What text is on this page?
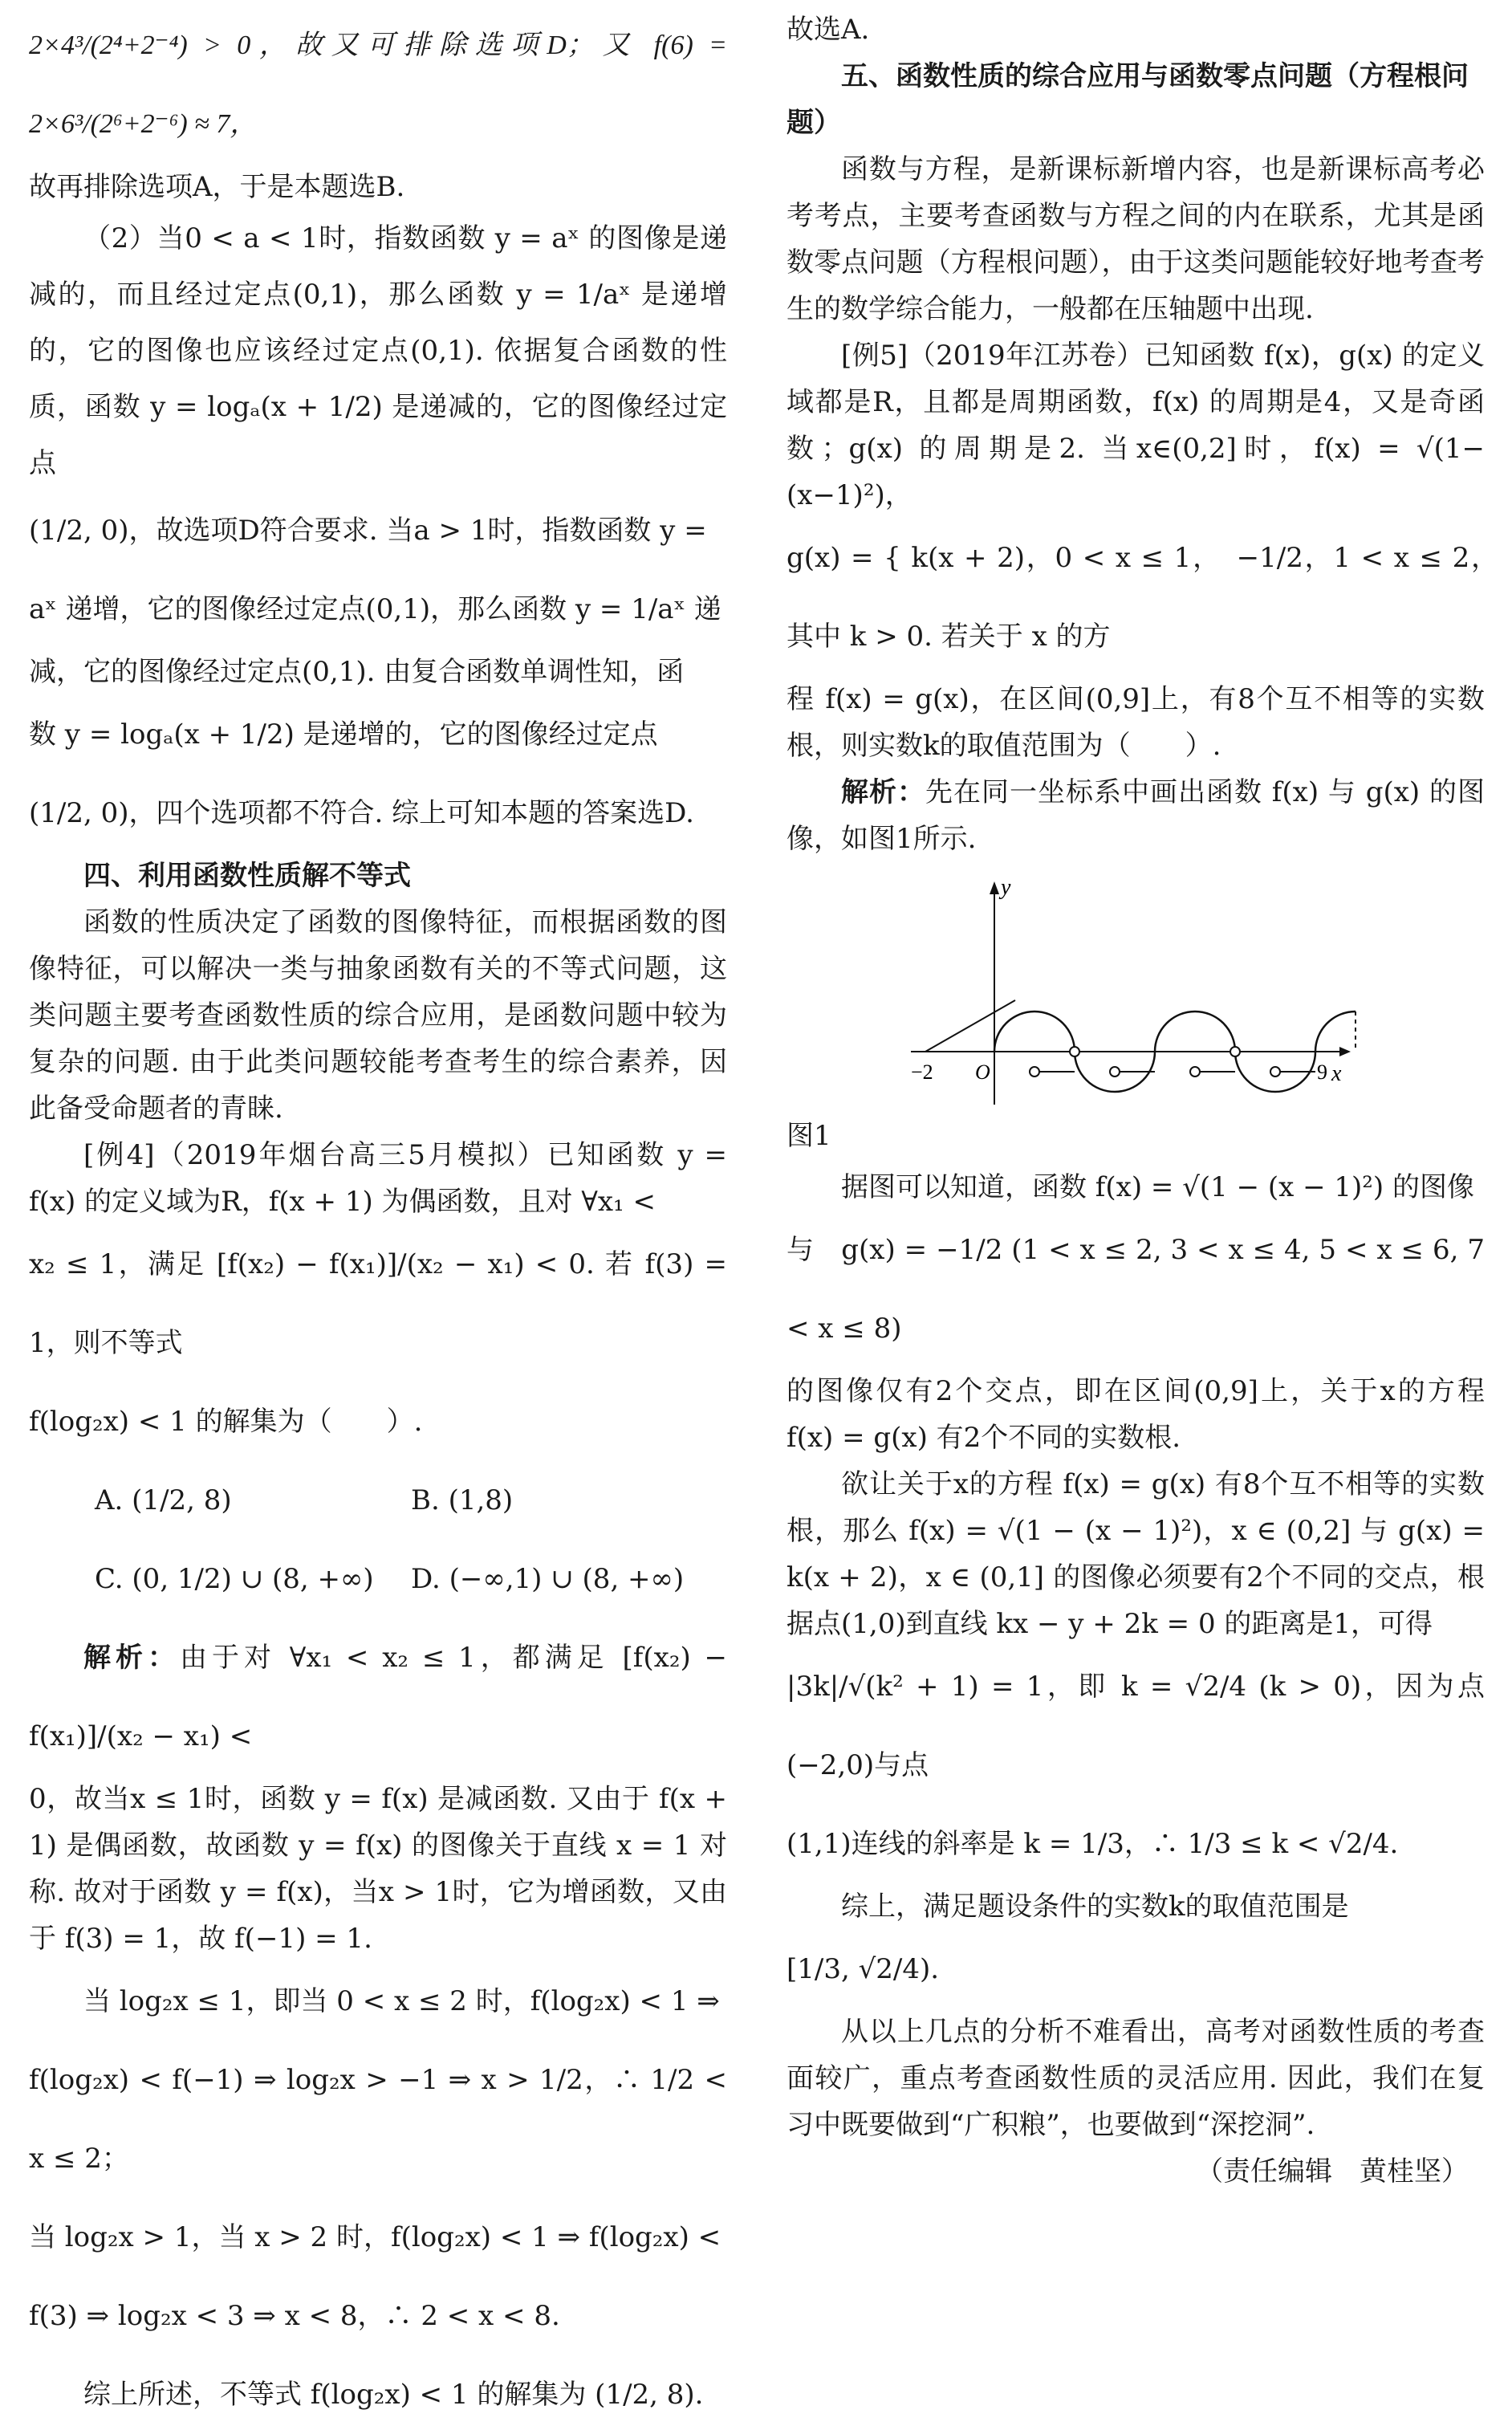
2×4³/(2⁴+2⁻⁴) > 0，故又可排除选项D；又 f(6) = 2×6³/(2⁶+2⁻⁶) ≈ 7，

故再排除选项A，于是本题选B.

（2）当0 < a < 1时，指数函数 y = aˣ 的图像是递减的，而且经过定点(0,1)，那么函数 y = 1/aˣ 是递增的，它的图像也应该经过定点(0,1). 依据复合函数的性质，函数 y = logₐ(x + 1/2) 是递减的，它的图像经过定点

(1/2, 0)，故选项D符合要求. 当a > 1时，指数函数 y =

aˣ 递增，它的图像经过定点(0,1)，那么函数 y = 1/aˣ 递

减，它的图像经过定点(0,1). 由复合函数单调性知，函

数 y = logₐ(x + 1/2) 是递增的，它的图像经过定点

(1/2, 0)，四个选项都不符合. 综上可知本题的答案选D.

四、利用函数性质解不等式

函数的性质决定了函数的图像特征，而根据函数的图像特征，可以解决一类与抽象函数有关的不等式问题，这类问题主要考查函数性质的综合应用，是函数问题中较为复杂的问题. 由于此类问题较能考查考生的综合素养，因此备受命题者的青睐.

[例4]（2019年烟台高三5月模拟）已知函数 y = f(x) 的定义域为R，f(x + 1) 为偶函数，且对 ∀x₁ <

x₂ ≤ 1，满足 [f(x₂) − f(x₁)]/(x₂ − x₁) < 0. 若 f(3) = 1，则不等式

f(log₂x) < 1 的解集为（　　）.

A. (1/2, 8)	B. (1,8)
C. (0, 1/2) ∪ (8, +∞)	D. (−∞,1) ∪ (8, +∞)

解析：由于对 ∀x₁ < x₂ ≤ 1，都满足 [f(x₂) − f(x₁)]/(x₂ − x₁) <

0，故当x ≤ 1时，函数 y = f(x) 是减函数. 又由于 f(x + 1) 是偶函数，故函数 y = f(x) 的图像关于直线 x = 1 对称. 故对于函数 y = f(x)，当x > 1时，它为增函数，又由于 f(3) = 1，故 f(−1) = 1.

当 log₂x ≤ 1，即当 0 < x ≤ 2 时，f(log₂x) < 1 ⇒

f(log₂x) < f(−1) ⇒ log₂x > −1 ⇒ x > 1/2，∴ 1/2 < x ≤ 2；

当 log₂x > 1，当 x > 2 时，f(log₂x) < 1 ⇒ f(log₂x) <

f(3) ⇒ log₂x < 3 ⇒ x < 8，∴ 2 < x < 8.

综上所述，不等式 f(log₂x) < 1 的解集为 (1/2, 8).

故选A.

五、函数性质的综合应用与函数零点问题（方程根问题）

函数与方程，是新课标新增内容，也是新课标高考必考考点，主要考查函数与方程之间的内在联系，尤其是函数零点问题（方程根问题），由于这类问题能较好地考查考生的数学综合能力，一般都在压轴题中出现.

[例5]（2019年江苏卷）已知函数 f(x)，g(x) 的定义域都是R，且都是周期函数，f(x) 的周期是4，又是奇函数；g(x) 的周期是2. 当x∈(0,2]时，f(x) = √(1−(x−1)²)，

g(x) = { k(x + 2)，0 < x ≤ 1，　−1/2，1 < x ≤ 2，　其中 k > 0. 若关于 x 的方

程 f(x) = g(x)，在区间(0,9]上，有8个互不相等的实数根，则实数k的取值范围为（　　）.

解析：先在同一坐标系中画出函数 f(x) 与 g(x) 的图像，如图1所示.

y
x
O
−2	9

图1

据图可以知道，函数 f(x) = √(1 − (x − 1)²) 的图像

与　g(x) = −1/2 (1 < x ≤ 2, 3 < x ≤ 4, 5 < x ≤ 6, 7 < x ≤ 8)

的图像仅有2个交点，即在区间(0,9]上，关于x的方程 f(x) = g(x) 有2个不同的实数根.

欲让关于x的方程 f(x) = g(x) 有8个互不相等的实数根，那么 f(x) = √(1 − (x − 1)²)，x ∈ (0,2] 与 g(x) = k(x + 2)，x ∈ (0,1] 的图像必须要有2个不同的交点，根据点(1,0)到直线 kx − y + 2k = 0 的距离是1，可得

|3k|/√(k² + 1) = 1，即 k = √2/4 (k > 0)，因为点(−2,0)与点

(1,1)连线的斜率是 k = 1/3，∴ 1/3 ≤ k < √2/4.

综上，满足题设条件的实数k的取值范围是

[1/3, √2/4).

从以上几点的分析不难看出，高考对函数性质的考查面较广，重点考查函数性质的灵活应用. 因此，我们在复习中既要做到“广积粮”，也要做到“深挖洞”.

（责任编辑　黄桂坚）
